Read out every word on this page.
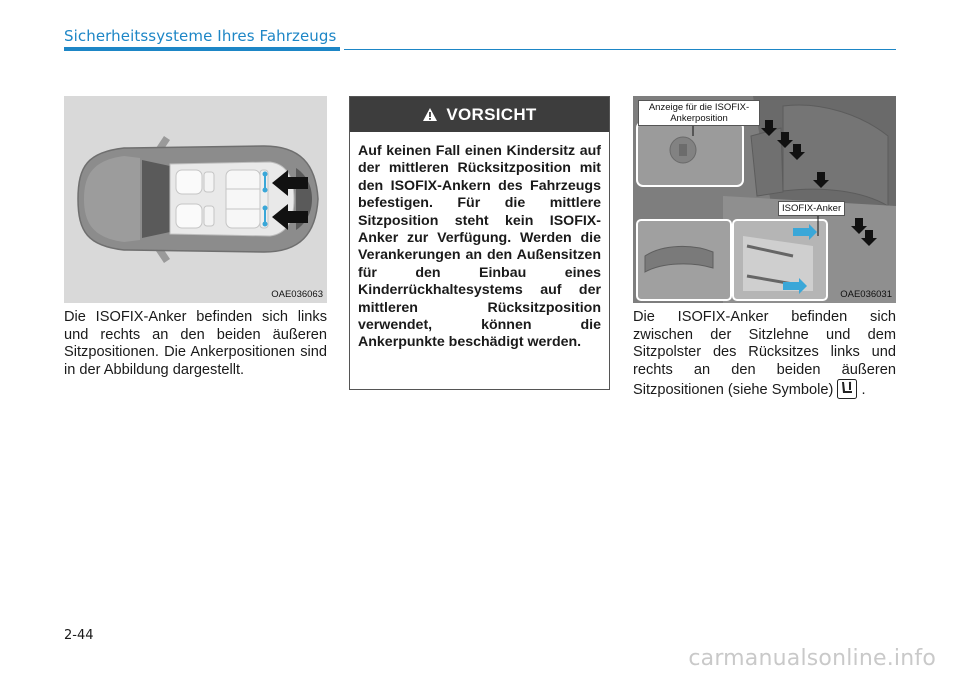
Sicherheitssysteme Ihres Fahrzeugs
OAE036063
Die ISOFIX-Anker befinden sich links und rechts an den beiden äußeren Sitzpositionen. Die Ankerpositionen sind in der Abbildung dargestellt.
VORSICHT
Auf keinen Fall einen Kindersitz auf der mittleren Rücksitzposition mit den ISOFIX-Ankern des Fahrzeugs befestigen. Für die mittlere Sitzposition steht kein ISOFIX-Anker zur Verfügung. Werden die Verankerungen an den Außensitzen für den Einbau eines Kinderrückhaltesystems auf der mittleren Rücksitzposition verwendet, können die Ankerpunkte beschädigt werden.
OAE036031
Anzeige für die ISOFIX-
Ankerposition
ISOFIX-Anker
Die ISOFIX-Anker befinden sich zwischen der Sitzlehne und dem Sitzpolster des Rücksitzes links und rechts an den beiden äußeren Sitzpositionen (siehe Symbole) .
2-44
carmanualsonline.info
